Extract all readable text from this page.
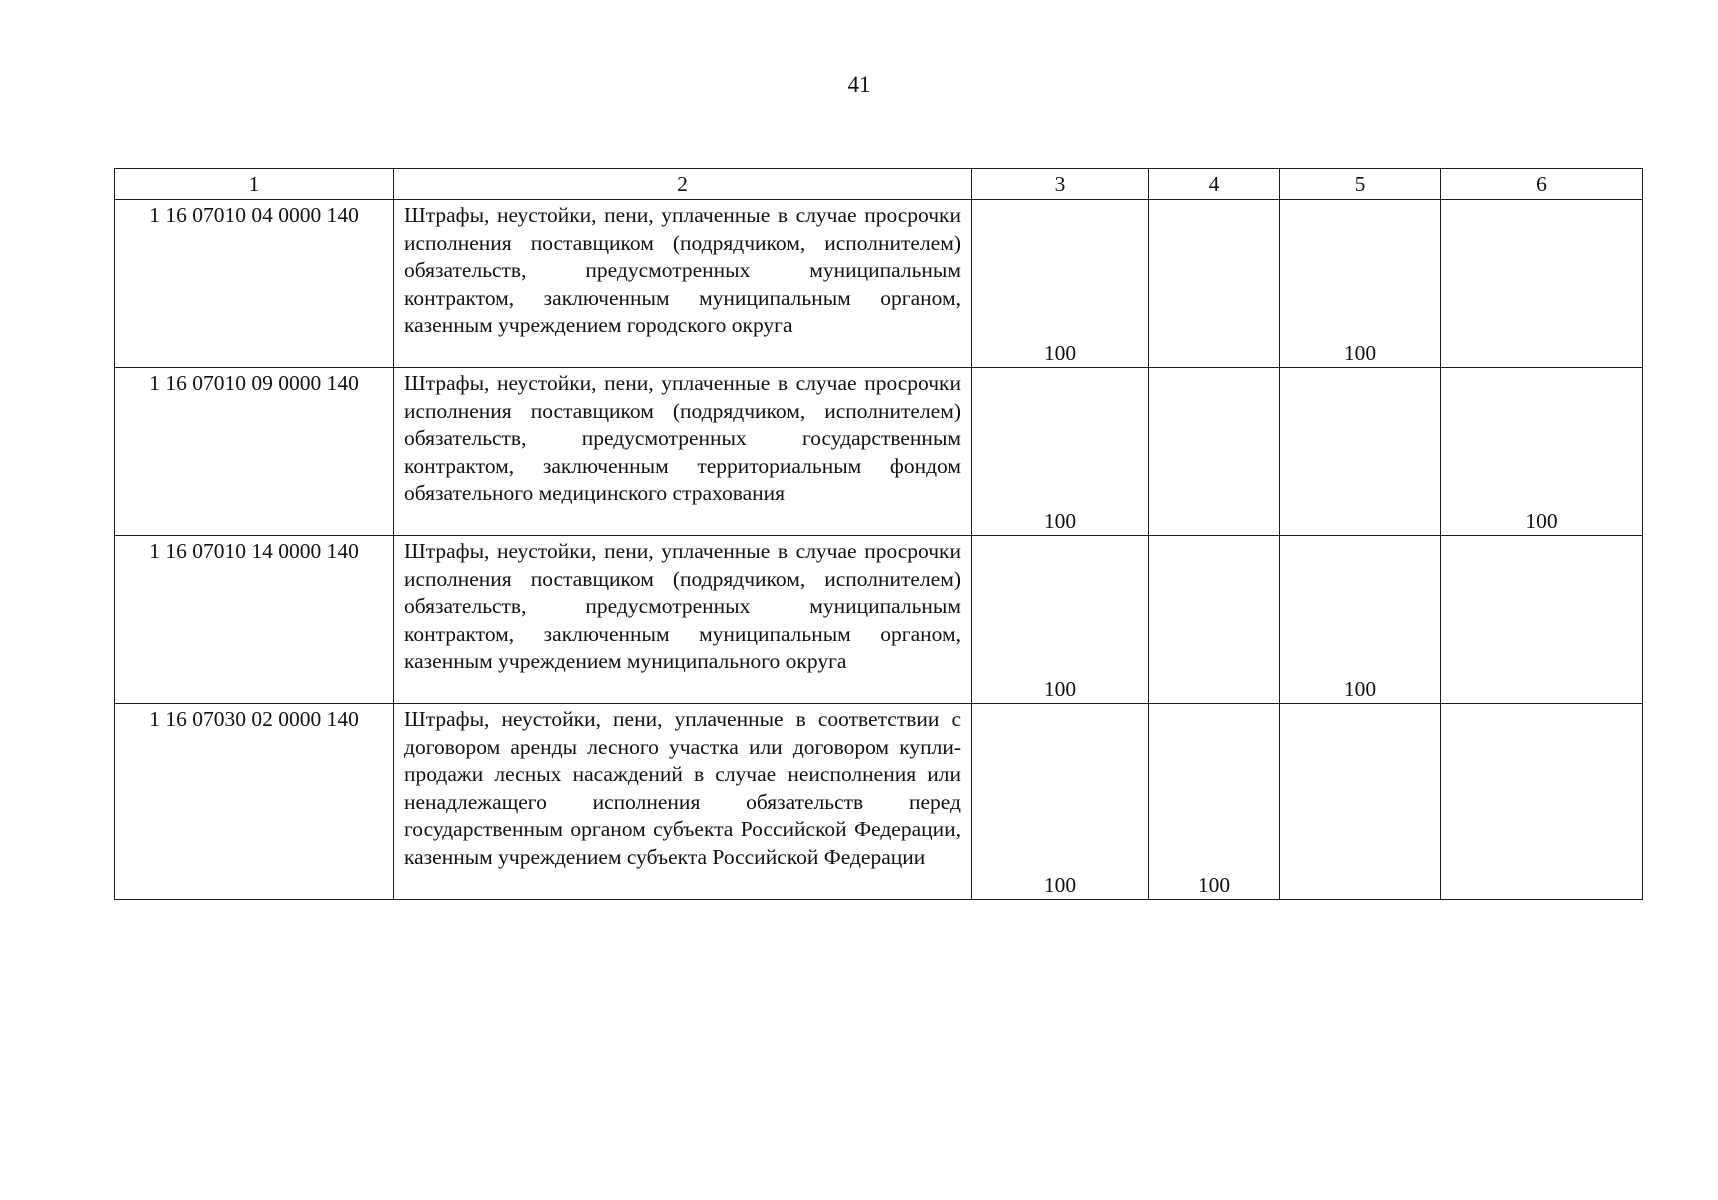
41
1	2	3	4	5	6
1 16 07010 04 0000 140	Штрафы, неустойки, пени, уплаченные в случае просрочки исполнения поставщиком (подрядчиком, исполнителем) обязательств, предусмотренных муниципальным контрактом, заключенным муниципальным органом, казенным учреждением городского округа	100		100	
1 16 07010 09 0000 140	Штрафы, неустойки, пени, уплаченные в случае просрочки исполнения поставщиком (подрядчиком, исполнителем) обязательств, предусмотренных государственным контрактом, заключенным территориальным фондом обязательного медицинского страхования	100			100
1 16 07010 14 0000 140	Штрафы, неустойки, пени, уплаченные в случае просрочки исполнения поставщиком (подрядчиком, исполнителем) обязательств, предусмотренных муниципальным контрактом, заключенным муниципальным органом, казенным учреждением муниципального округа	100		100	
1 16 07030 02 0000 140	Штрафы, неустойки, пени, уплаченные в соответствии с договором аренды лесного участка или договором купли-продажи лесных насаждений в случае неисполнения или ненадлежащего исполнения обязательств перед государственным органом субъекта Российской Федерации, казенным учреждением субъекта Российской Федерации	100	100		
